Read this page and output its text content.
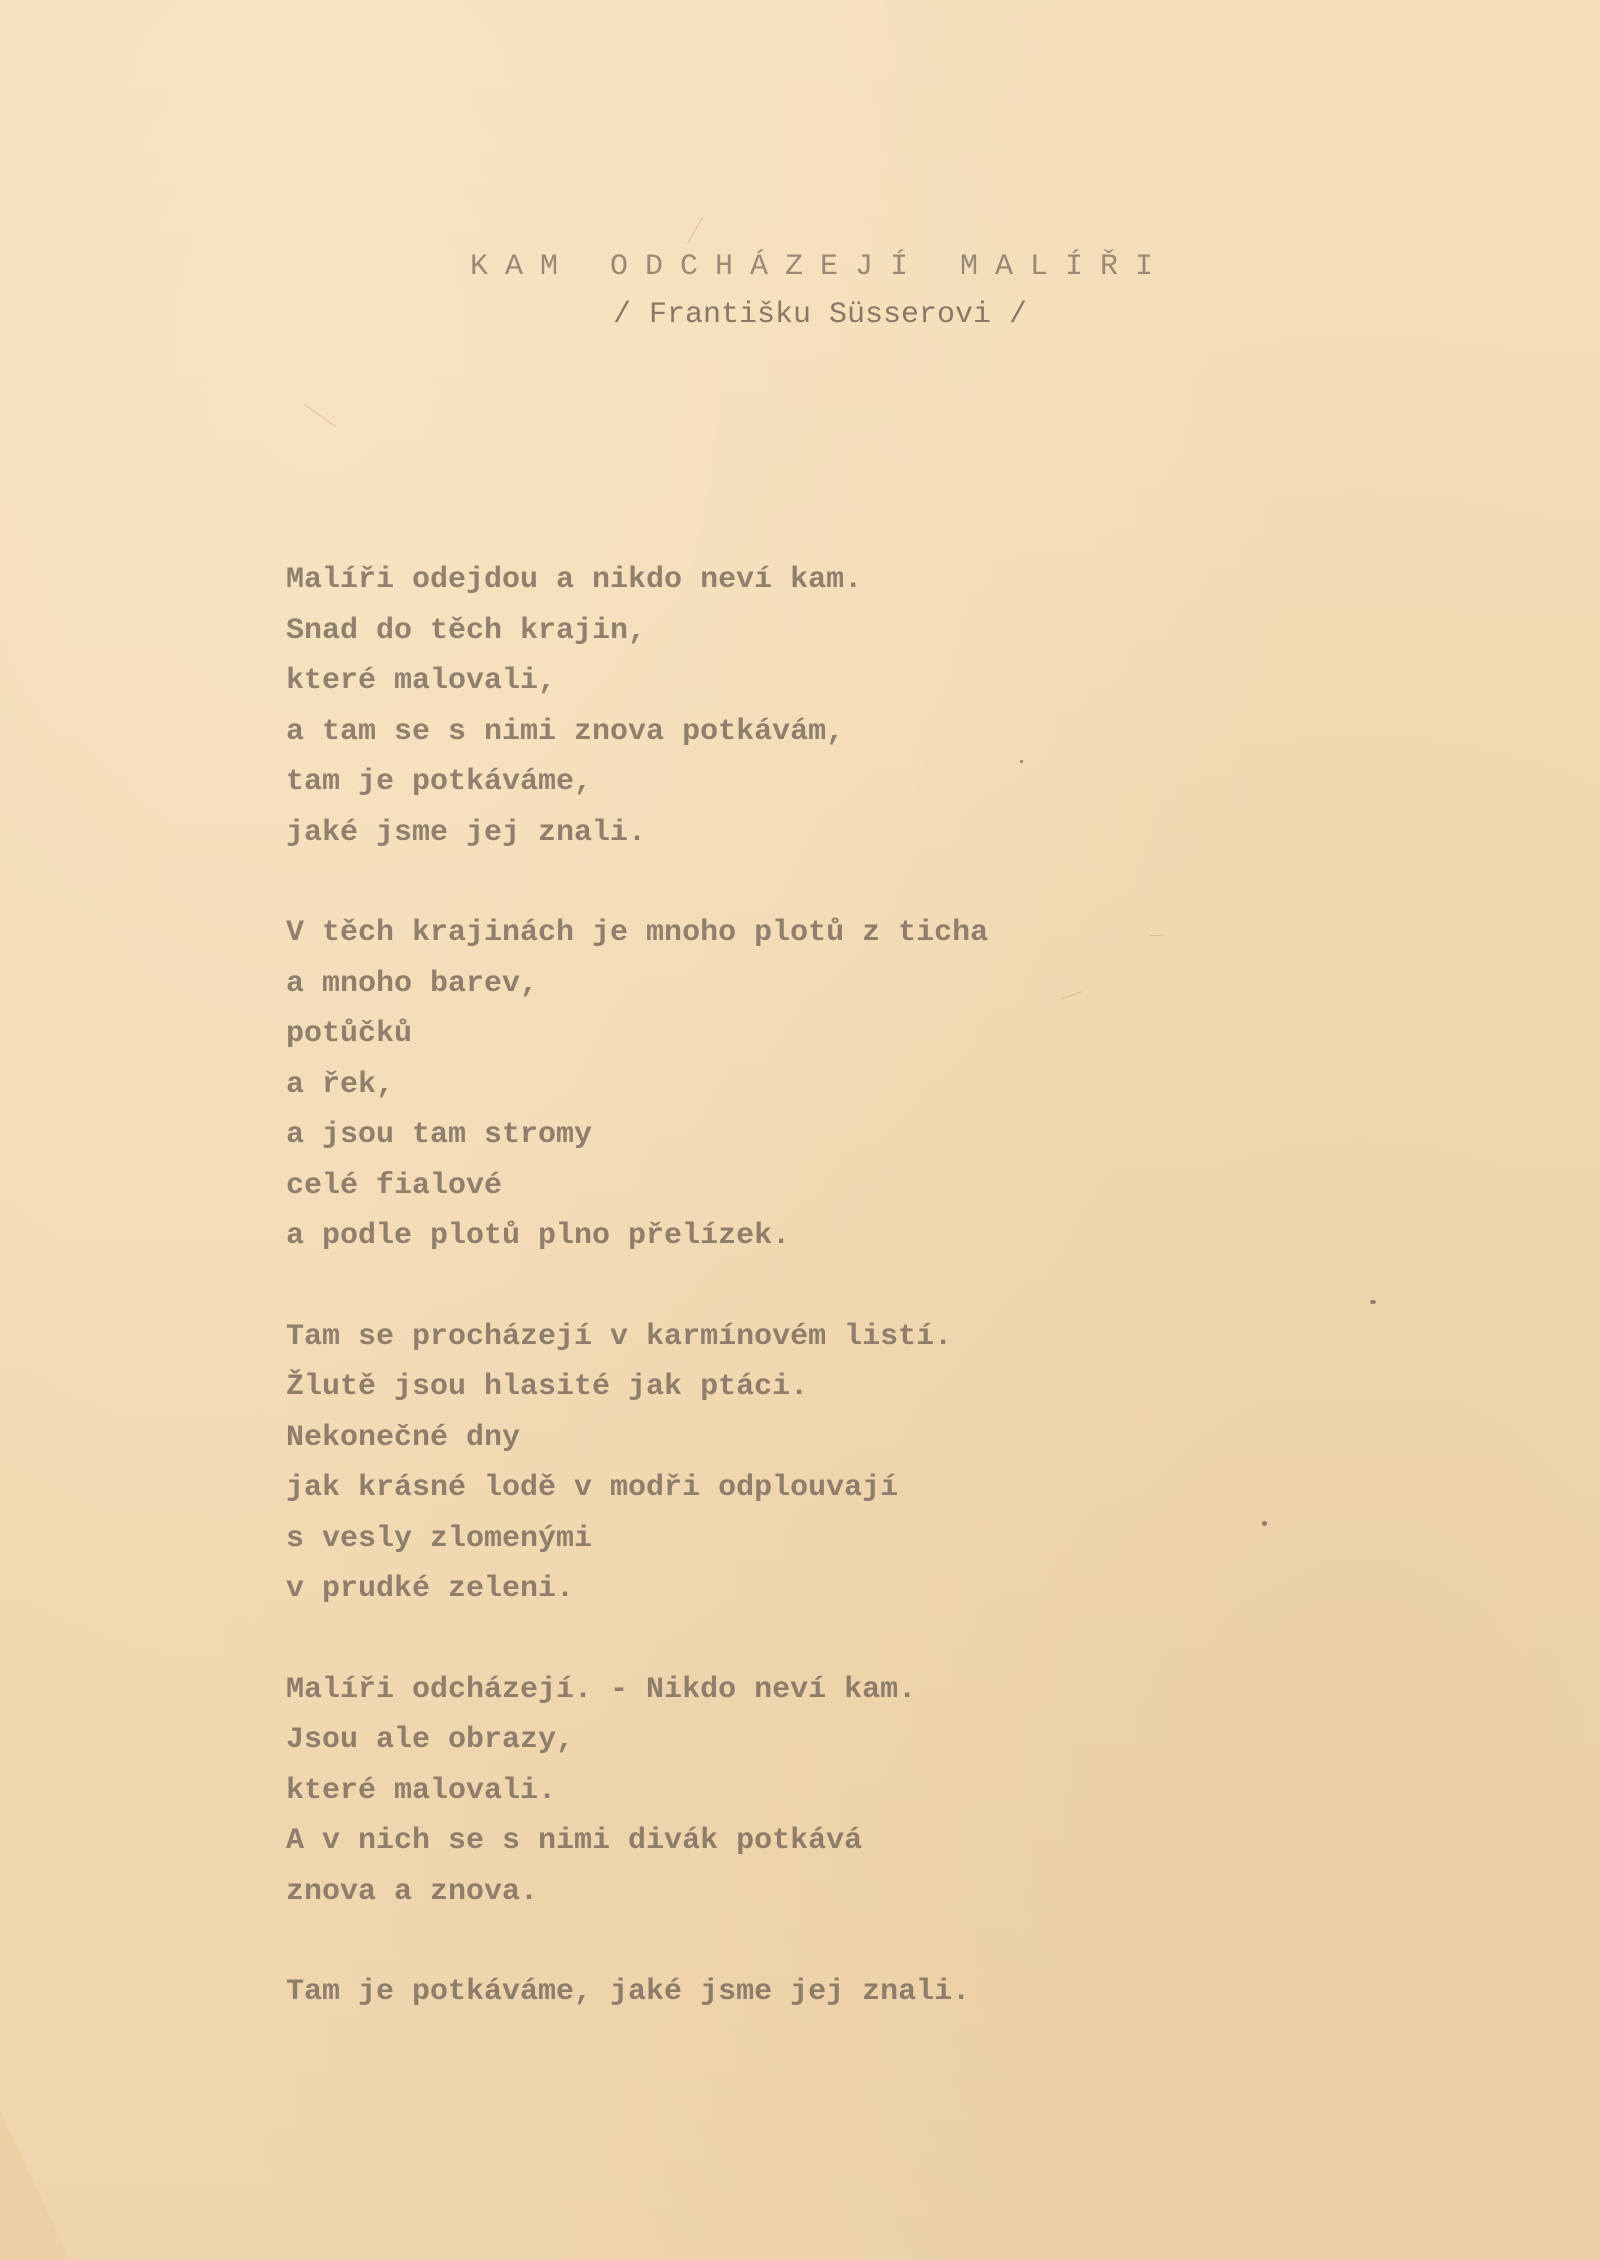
KAM ODCHÁZEJÍ MALÍŘI
/ Františku Süsserovi /
Malíři odejdou a nikdo neví kam.
Snad do těch krajin,
které malovali,
a tam se s nimi znova potkávám,
tam je potkáváme,
jaké jsme jej znali.
V těch krajinách je mnoho plotů z ticha
a mnoho barev,
potůčků
a řek,
a jsou tam stromy
celé fialové
a podle plotů plno přelízek.
Tam se procházejí v karmínovém listí.
Žlutě jsou hlasité jak ptáci.
Nekonečné dny
jak krásné lodě v modři odplouvají
s vesly zlomenými
v prudké zeleni.
Malíři odcházejí. - Nikdo neví kam.
Jsou ale obrazy,
které malovali.
A v nich se s nimi divák potkává
znova a znova.
Tam je potkáváme, jaké jsme jej znali.
